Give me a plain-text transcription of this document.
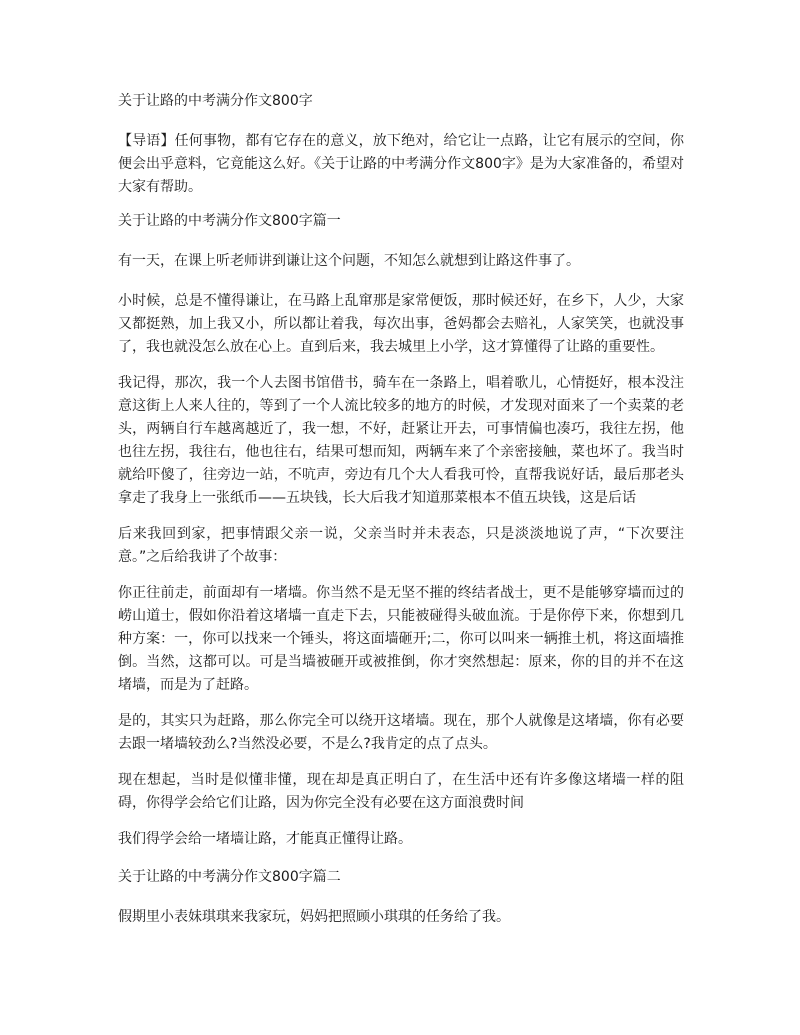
关于让路的中考满分作文800字

【导语】任何事物，都有它存在的意义，放下绝对，给它让一点路，让它有展示的空间，你便会出乎意料，它竟能这么好。《关于让路的中考满分作文800字》是为大家准备的，希望对大家有帮助。

关于让路的中考满分作文800字篇一

有一天，在课上听老师讲到谦让这个问题，不知怎么就想到让路这件事了。

小时候，总是不懂得谦让，在马路上乱窜那是家常便饭，那时候还好，在乡下，人少，大家又都挺熟，加上我又小，所以都让着我，每次出事，爸妈都会去赔礼，人家笑笑，也就没事了，我也就没怎么放在心上。直到后来，我去城里上小学，这才算懂得了让路的重要性。

我记得，那次，我一个人去图书馆借书，骑车在一条路上，唱着歌儿，心情挺好，根本没注意这街上人来人往的，等到了一个人流比较多的地方的时候，才发现对面来了一个卖菜的老头，两辆自行车越离越近了，我一想，不好，赶紧让开去，可事情偏也凑巧，我往左拐，他也往左拐，我往右，他也往右，结果可想而知，两辆车来了个亲密接触，菜也坏了。我当时就给吓傻了，往旁边一站，不吭声，旁边有几个大人看我可怜，直帮我说好话，最后那老头拿走了我身上一张纸币——五块钱，长大后我才知道那菜根本不值五块钱，这是后话

后来我回到家，把事情跟父亲一说，父亲当时并未表态，只是淡淡地说了声，“下次要注意。”之后给我讲了个故事：

你正往前走，前面却有一堵墙。你当然不是无坚不摧的终结者战士，更不是能够穿墙而过的崂山道士，假如你沿着这堵墙一直走下去，只能被碰得头破血流。于是你停下来，你想到几种方案：一，你可以找来一个锤头，将这面墙砸开;二，你可以叫来一辆推土机，将这面墙推倒。当然，这都可以。可是当墙被砸开或被推倒，你才突然想起：原来，你的目的并不在这堵墙，而是为了赶路。

是的，其实只为赶路，那么你完全可以绕开这堵墙。现在，那个人就像是这堵墙，你有必要去跟一堵墙较劲么?当然没必要，不是么?我肯定的点了点头。

现在想起，当时是似懂非懂，现在却是真正明白了，在生活中还有许多像这堵墙一样的阻碍，你得学会给它们让路，因为你完全没有必要在这方面浪费时间

我们得学会给一堵墙让路，才能真正懂得让路。

关于让路的中考满分作文800字篇二

假期里小表妹琪琪来我家玩，妈妈把照顾小琪琪的任务给了我。
